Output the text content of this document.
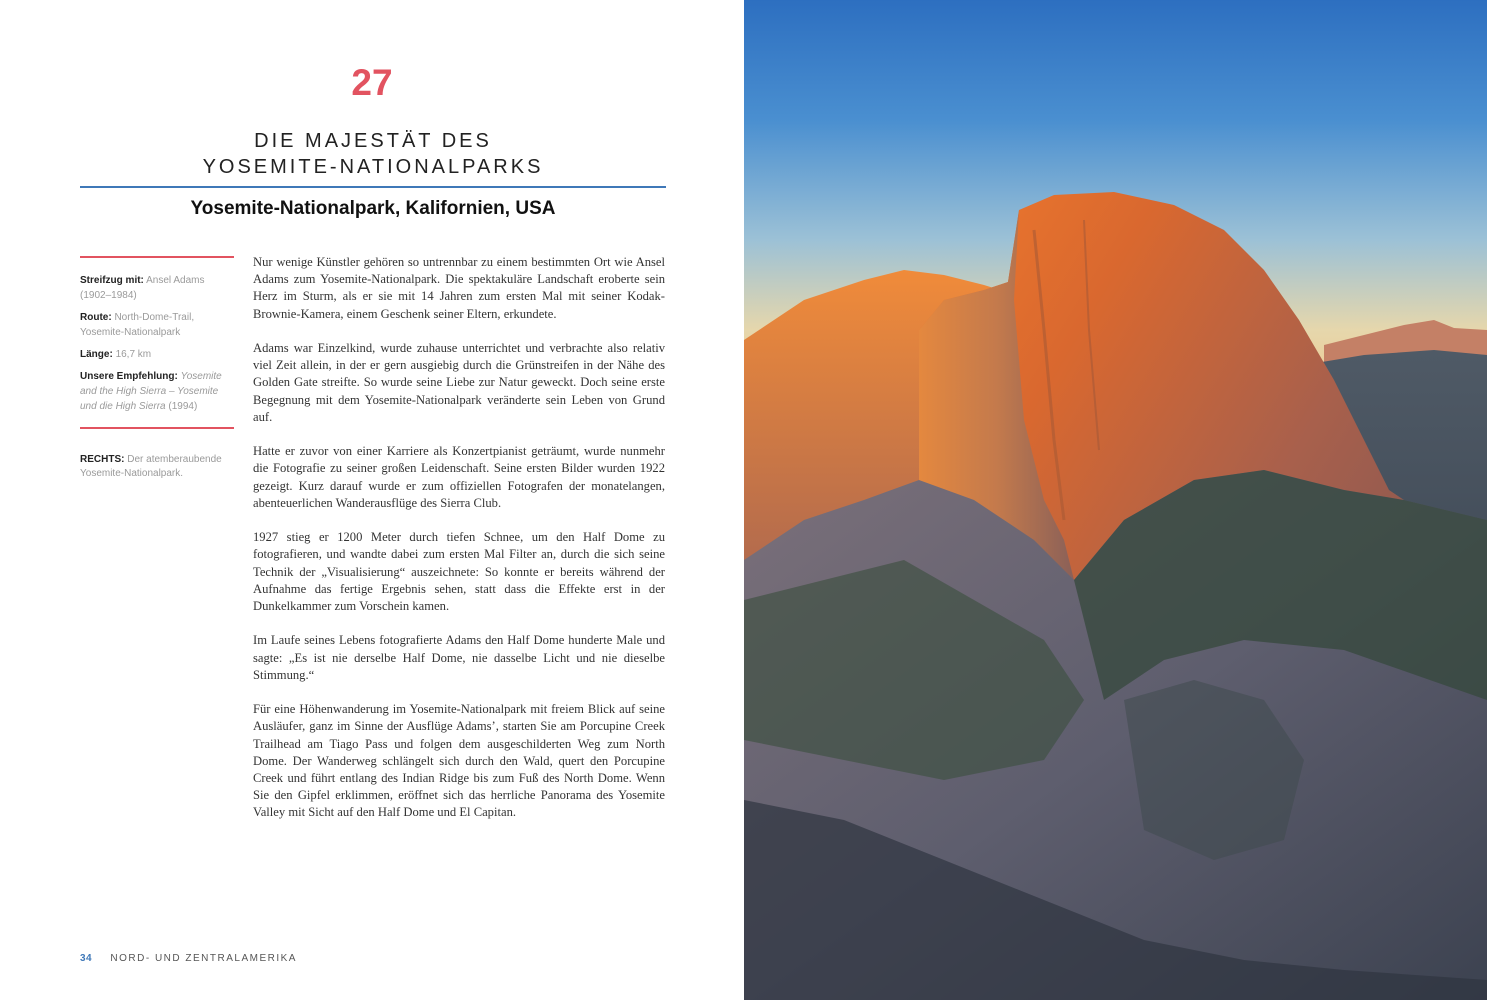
27
DIE MAJESTÄT DES
YOSEMITE-NATIONALPARKS
Yosemite-Nationalpark, Kalifornien, USA
Streifzug mit: Ansel Adams (1902–1984)
Route: North-Dome-Trail, Yosemite-Nationalpark
Länge: 16,7 km
Unsere Empfehlung: Yosemite and the High Sierra – Yosemite und die High Sierra (1994)
RECHTS: Der atemberaubende Yosemite-Nationalpark.

Nur wenige Künstler gehören so untrennbar zu einem bestimmten Ort wie Ansel Adams zum Yosemite-Nationalpark. Die spektakuläre Landschaft eroberte sein Herz im Sturm, als er sie mit 14 Jahren zum ersten Mal mit seiner Kodak-Brownie-Kamera, einem Geschenk seiner Eltern, erkundete.

Adams war Einzelkind, wurde zuhause unterrichtet und verbrachte also relativ viel Zeit allein, in der er gern ausgiebig durch die Grünstreifen in der Nähe des Golden Gate streifte. So wurde seine Liebe zur Natur geweckt. Doch seine erste Begegnung mit dem Yosemite-Nationalpark veränderte sein Leben von Grund auf.

Hatte er zuvor von einer Karriere als Konzertpianist geträumt, wurde nunmehr die Fotografie zu seiner großen Leidenschaft. Seine ersten Bilder wurden 1922 gezeigt. Kurz darauf wurde er zum offiziellen Fotografen der monatelangen, abenteuerlichen Wanderausflüge des Sierra Club.

1927 stieg er 1200 Meter durch tiefen Schnee, um den Half Dome zu fotografieren, und wandte dabei zum ersten Mal Filter an, durch die sich seine Technik der „Visualisierung“ auszeichnete: So konnte er bereits während der Aufnahme das fertige Ergebnis sehen, statt dass die Effekte erst in der Dunkelkammer zum Vorschein kamen.

Im Laufe seines Lebens fotografierte Adams den Half Dome hunderte Male und sagte: „Es ist nie derselbe Half Dome, nie dasselbe Licht und nie dieselbe Stimmung.“

Für eine Höhenwanderung im Yosemite-Nationalpark mit freiem Blick auf seine Ausläufer, ganz im Sinne der Ausflüge Adams’, starten Sie am Porcupine Creek Trailhead am Tiago Pass und folgen dem ausgeschilderten Weg zum North Dome. Der Wanderweg schlängelt sich durch den Wald, quert den Porcupine Creek und führt entlang des Indian Ridge bis zum Fuß des North Dome. Wenn Sie den Gipfel erklimmen, eröffnet sich das herrliche Panorama des Yosemite Valley mit Sicht auf den Half Dome und El Capitan.

34 NORD- UND ZENTRALAMERIKA
